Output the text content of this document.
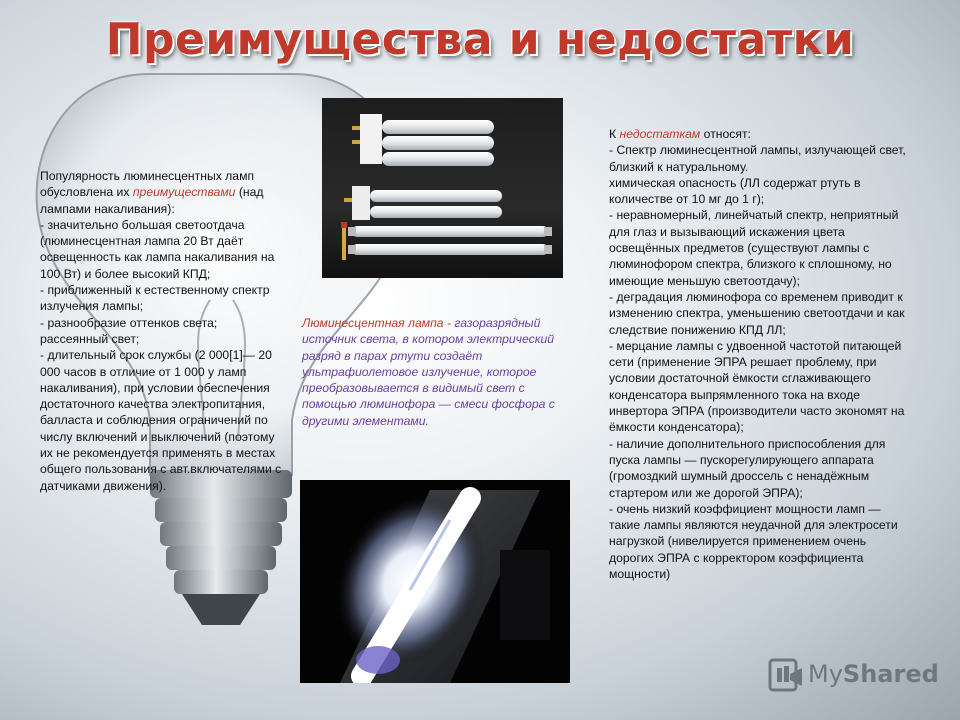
Преимущества и недостатки
Популярность люминесцентных ламп обусловлена их преимуществами (над лампами накаливания):
- значительно большая светоотдача (люминесцентная лампа 20 Вт даёт освещенность как лампа накаливания на 100 Вт) и более высокий КПД;
- приближенный к естественному спектр излучения лампы;
- разнообразие оттенков света; рассеянный свет;
- длительный срок службы (2 000[1]— 20 000 часов в отличие от 1 000 у ламп накаливания), при условии обеспечения достаточного качества электропитания, балласта и соблюдения ограничений по числу включений и выключений (поэтому их не рекомендуется применять в местах общего пользования с авт.включателями с датчиками движения).
Люминесцентная лампа - газоразрядный источник света, в котором электрический разряд в парах ртути создаёт ультрафиолетовое излучение, которое преобразовывается в видимый свет с помощью люминофора — смеси фосфора с другими элементами.
К недостаткам относят:
- Спектр люминесцентной лампы, излучающей свет, близкий к натуральному.
химическая опасность (ЛЛ содержат ртуть в количестве от 10 мг до 1 г);
- неравномерный, линейчатый спектр, неприятный для глаз и вызывающий искажения цвета освещённых предметов (существуют лампы с люминофором спектра, близкого к сплошному, но имеющие меньшую светоотдачу);
- деградация люминофора со временем приводит к изменению спектра, уменьшению светоотдачи и как следствие понижению КПД ЛЛ;
- мерцание лампы с удвоенной частотой питающей сети (применение ЭПРА решает проблему, при условии достаточной ёмкости сглаживающего конденсатора выпрямленного тока на входе инвертора ЭПРА (производители часто экономят на ёмкости конденсатора);
- наличие дополнительного приспособления для пуска лампы — пускорегулирующего аппарата (громоздкий шумный дроссель с ненадёжным стартером или же дорогой ЭПРА);
- очень низкий коэффициент мощности ламп — такие лампы являются неудачной для электросети нагрузкой (нивелируется применением очень дорогих ЭПРА с корректором коэффициента мощности)
MyShared
